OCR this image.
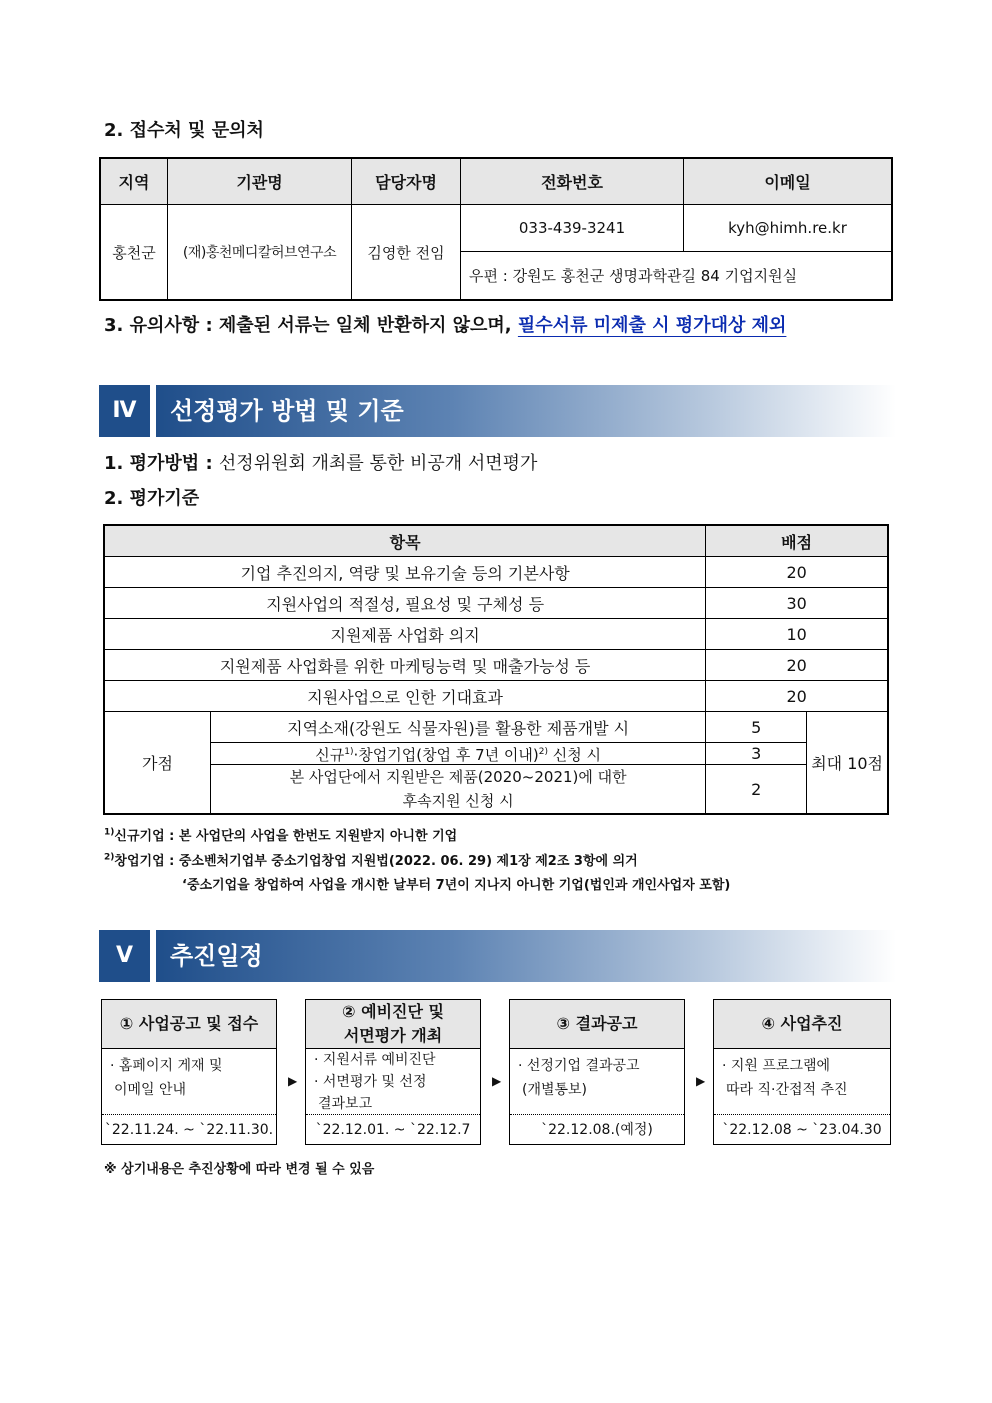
2. 접수처 및 문의처
지역	기관명	담당자명	전화번호	이메일
홍천군	(재)홍천메디칼허브연구소	김영한 전임	033-439-3241	kyh@himh.re.kr
			우편 : 강원도 홍천군 생명과학관길 84 기업지원실	
3. 유의사항 : 제출된 서류는 일체 반환하지 않으며, 필수서류 미제출 시 평가대상 제외
Ⅳ	선정평가 방법 및 기준
1. 평가방법 : 선정위원회 개최를 통한 비공개 서면평가
2. 평가기준
항목		배점	
기업 추진의지, 역량 및 보유기술 등의 기본사항		20	
지원사업의 적절성, 필요성 및 구체성 등		30	
지원제품 사업화 의지		10	
지원제품 사업화를 위한 마케팅능력 및 매출가능성 등		20	
지원사업으로 인한 기대효과		20	
가점	지역소재(강원도 식물자원)를 활용한 제품개발 시	5	최대 10점
	신규$^{1)}$·창업기업(창업 후 7년 이내)$^{2)}$ 신청 시	3	

	본 사업단에서 지원받은 제품(2020~2021)에 대한
후속지원 신청 시	2	
$^{1)}$신규기업 : 본 사업단의 사업을 한번도 지원받지 아니한 기업
$^{2)}$창업기업 : 중소벤처기업부 중소기업창업 지원법(2022. 06. 29) 제1장 제2조 3항에 의거
‘중소기업을 창업하여 사업을 개시한 날부터 7년이 지나지 아니한 기업(법인과 개인사업자 포함)
Ⅴ	추진일정
① 사업공고 및 접수
· 홈페이지 게재 및
이메일 안내
`22.11.24. ~ `22.11.30.
▶
② 예비진단 및 서면평가 개최
· 지원서류 예비진단
· 서면평가 및 선정
결과보고
`22.12.01. ~ `22.12.7
▶
③ 결과공고
· 선정기업 결과공고
(개별통보)
`22.12.08.(예정)
▶
④ 사업추진
· 지원 프로그램에
따라 직·간접적 추진
`22.12.08 ~ `23.04.30
※ 상기내용은 추진상황에 따라 변경 될 수 있음
